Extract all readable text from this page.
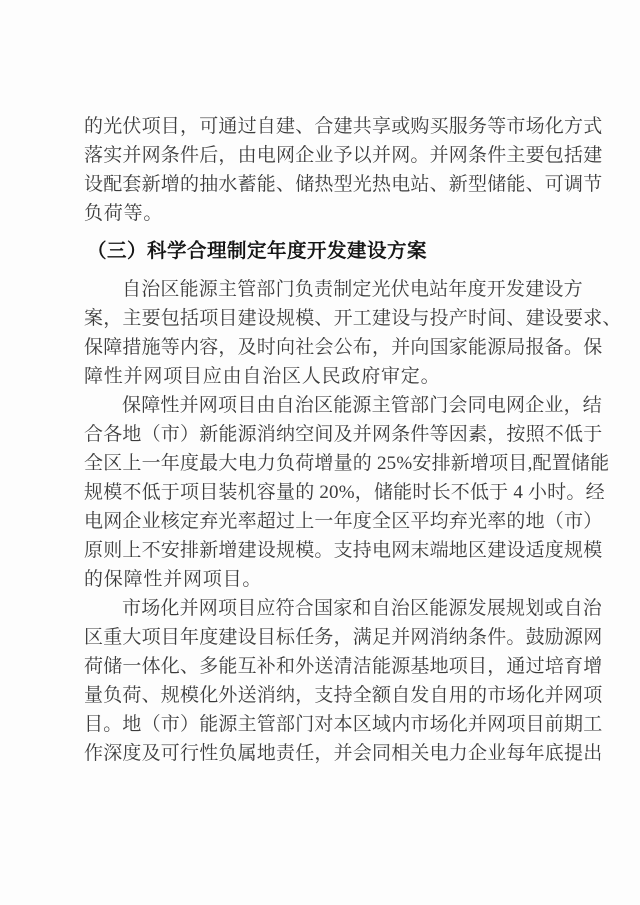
的光伏项目，可通过自建、合建共享或购买服务等市场化方式

落实并网条件后，由电网企业予以并网。并网条件主要包括建

设配套新增的抽水蓄能、储热型光热电站、新型储能、可调节

负荷等。

（三）科学合理制定年度开发建设方案

自治区能源主管部门负责制定光伏电站年度开发建设方

案，主要包括项目建设规模、开工建设与投产时间、建设要求、

保障措施等内容，及时向社会公布，并向国家能源局报备。保

障性并网项目应由自治区人民政府审定。

保障性并网项目由自治区能源主管部门会同电网企业，结

合各地（市）新能源消纳空间及并网条件等因素，按照不低于

全区上一年度最大电力负荷增量的 25%安排新增项目,配置储能

规模不低于项目装机容量的 20%，储能时长不低于 4 小时。经

电网企业核定弃光率超过上一年度全区平均弃光率的地（市）

原则上不安排新增建设规模。支持电网末端地区建设适度规模

的保障性并网项目。

市场化并网项目应符合国家和自治区能源发展规划或自治

区重大项目年度建设目标任务，满足并网消纳条件。鼓励源网

荷储一体化、多能互补和外送清洁能源基地项目，通过培育增

量负荷、规模化外送消纳，支持全额自发自用的市场化并网项

目。地（市）能源主管部门对本区域内市场化并网项目前期工

作深度及可行性负属地责任，并会同相关电力企业每年底提出
